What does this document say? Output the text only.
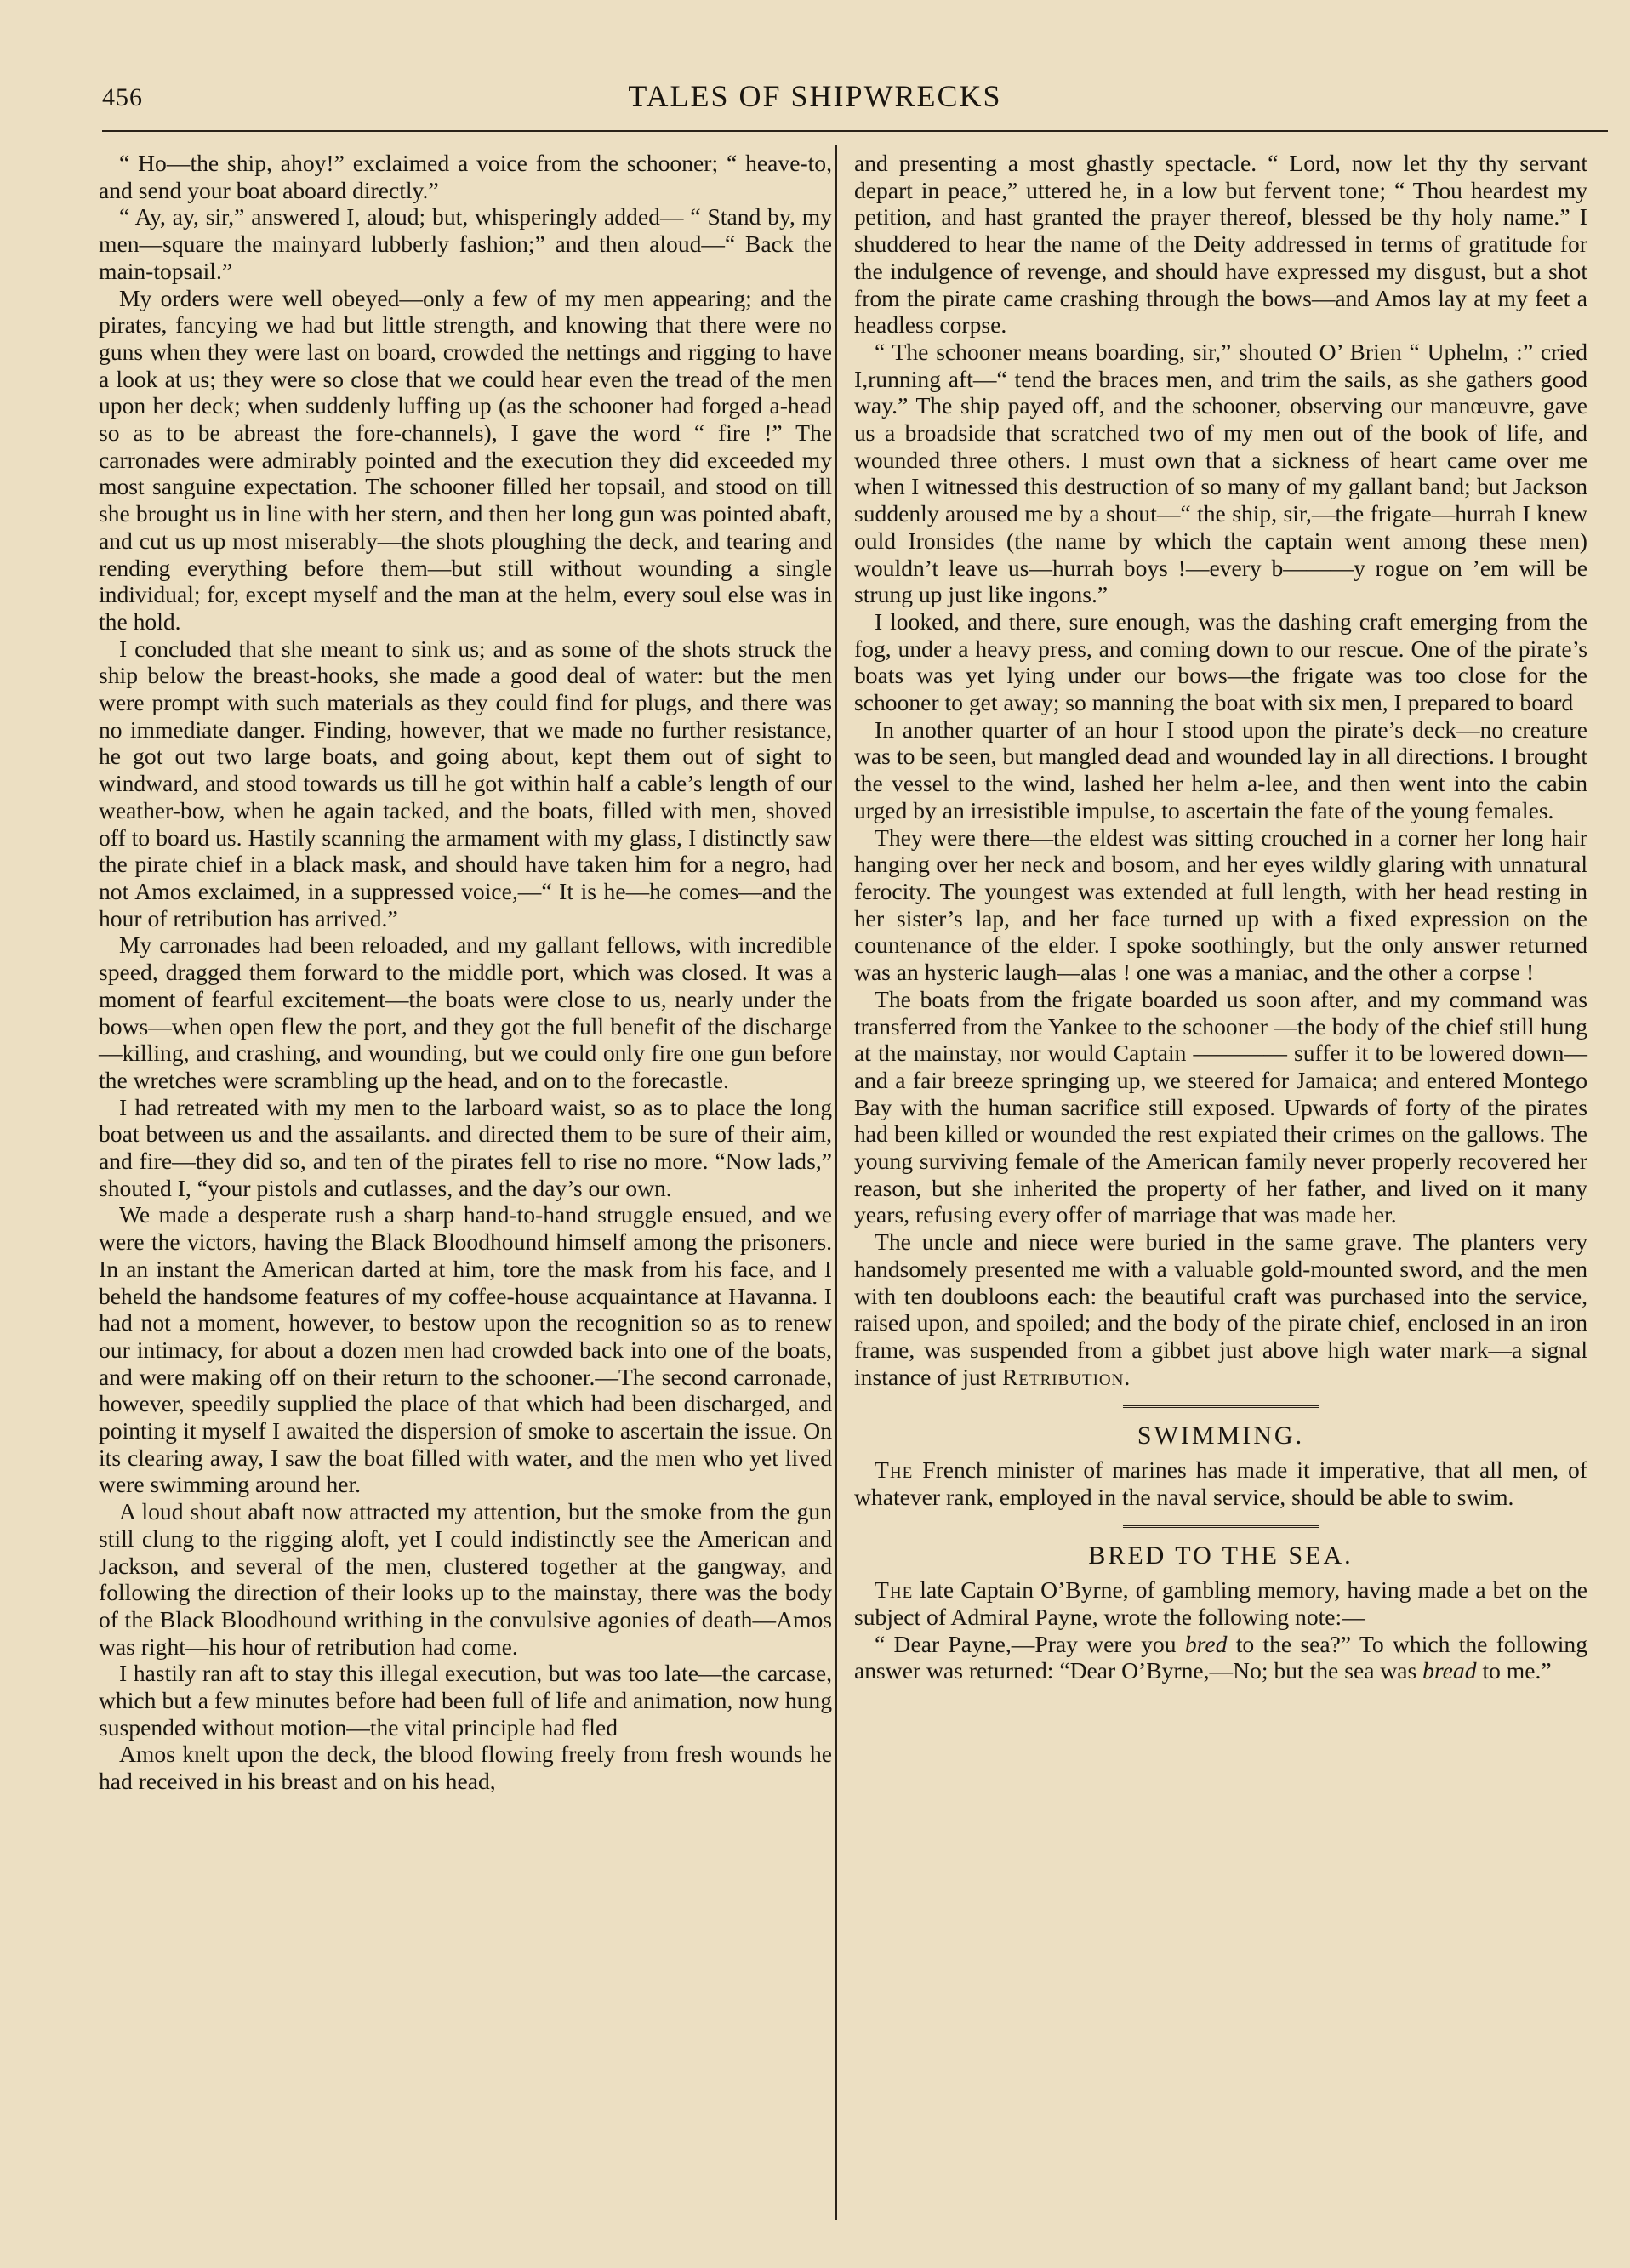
456	TALES OF SHIPWRECKS

“ Ho—the ship, ahoy!” exclaimed a voice from the schooner; “ heave-to, and send your boat aboard directly.”

“ Ay, ay, sir,” answered I, aloud; but, whisperingly added— “ Stand by, my men—square the mainyard lubberly fashion;” and then aloud—“ Back the main-topsail.”

My orders were well obeyed—only a few of my men appearing; and the pirates, fancying we had but little strength, and knowing that there were no guns when they were last on board, crowded the nettings and rigging to have a look at us; they were so close that we could hear even the tread of the men upon her deck; when suddenly luffing up (as the schooner had forged a-head so as to be abreast the fore-channels), I gave the word “ fire !” The carronades were admirably pointed and the execution they did exceeded my most sanguine expectation. The schooner filled her topsail, and stood on till she brought us in line with her stern, and then her long gun was pointed abaft, and cut us up most miserably—the shots ploughing the deck, and tearing and rending everything before them—but still without wounding a single individual; for, except myself and the man at the helm, every soul else was in the hold.

I concluded that she meant to sink us; and as some of the shots struck the ship below the breast-hooks, she made a good deal of water: but the men were prompt with such materials as they could find for plugs, and there was no immediate danger. Finding, however, that we made no further resistance, he got out two large boats, and going about, kept them out of sight to windward, and stood towards us till he got within half a cable’s length of our weather-bow, when he again tacked, and the boats, filled with men, shoved off to board us. Hastily scanning the armament with my glass, I distinctly saw the pirate chief in a black mask, and should have taken him for a negro, had not Amos exclaimed, in a suppressed voice,—“ It is he—he comes—and the hour of retribution has arrived.”

My carronades had been reloaded, and my gallant fellows, with incredible speed, dragged them forward to the middle port, which was closed. It was a moment of fearful excitement—the boats were close to us, nearly under the bows—when open flew the port, and they got the full benefit of the discharge—killing, and crashing, and wounding, but we could only fire one gun before the wretches were scrambling up the head, and on to the forecastle.

I had retreated with my men to the larboard waist, so as to place the long boat between us and the assailants. and directed them to be sure of their aim, and fire—they did so, and ten of the pirates fell to rise no more. “Now lads,” shouted I, “your pistols and cutlasses, and the day’s our own.

We made a desperate rush a sharp hand-to-hand struggle ensued, and we were the victors, having the Black Bloodhound himself among the prisoners. In an instant the American darted at him, tore the mask from his face, and I beheld the handsome features of my coffee-house acquaintance at Havanna. I had not a moment, however, to bestow upon the recognition so as to renew our intimacy, for about a dozen men had crowded back into one of the boats, and were making off on their return to the schooner.—The second carronade, however, speedily supplied the place of that which had been discharged, and pointing it myself I awaited the dispersion of smoke to ascertain the issue. On its clearing away, I saw the boat filled with water, and the men who yet lived were swimming around her.

A loud shout abaft now attracted my attention, but the smoke from the gun still clung to the rigging aloft, yet I could indistinctly see the American and Jackson, and several of the men, clustered together at the gangway, and following the direction of their looks up to the mainstay, there was the body of the Black Bloodhound writhing in the convulsive agonies of death—Amos was right—his hour of retribution had come.

I hastily ran aft to stay this illegal execution, but was too late—the carcase, which but a few minutes before had been full of life and animation, now hung suspended without motion—the vital principle had fled

Amos knelt upon the deck, the blood flowing freely from fresh wounds he had received in his breast and on his head,

and presenting a most ghastly spectacle. “ Lord, now let thy thy servant depart in peace,” uttered he, in a low but fervent tone; “ Thou heardest my petition, and hast granted the prayer thereof, blessed be thy holy name.” I shuddered to hear the name of the Deity addressed in terms of gratitude for the indulgence of revenge, and should have expressed my disgust, but a shot from the pirate came crashing through the bows—and Amos lay at my feet a headless corpse.

“ The schooner means boarding, sir,” shouted O’ Brien “ Uphelm, :” cried I,running aft—“ tend the braces men, and trim the sails, as she gathers good way.” The ship payed off, and the schooner, observing our manœuvre, gave us a broadside that scratched two of my men out of the book of life, and wounded three others. I must own that a sickness of heart came over me when I witnessed this destruction of so many of my gallant band; but Jackson suddenly aroused me by a shout—“ the ship, sir,—the frigate—hurrah I knew ould Ironsides (the name by which the captain went among these men) wouldn’t leave us—hurrah boys !—every b———y rogue on ’em will be strung up just like ingons.”

I looked, and there, sure enough, was the dashing craft emerging from the fog, under a heavy press, and coming down to our rescue. One of the pirate’s boats was yet lying under our bows—the frigate was too close for the schooner to get away; so manning the boat with six men, I prepared to board

In another quarter of an hour I stood upon the pirate’s deck—no creature was to be seen, but mangled dead and wounded lay in all directions. I brought the vessel to the wind, lashed her helm a-lee, and then went into the cabin urged by an irresistible impulse, to ascertain the fate of the young females.

They were there—the eldest was sitting crouched in a corner her long hair hanging over her neck and bosom, and her eyes wildly glaring with unnatural ferocity. The youngest was extended at full length, with her head resting in her sister’s lap, and her face turned up with a fixed expression on the countenance of the elder. I spoke soothingly, but the only answer returned was an hysteric laugh—alas ! one was a maniac, and the other a corpse !

The boats from the frigate boarded us soon after, and my command was transferred from the Yankee to the schooner —the body of the chief still hung at the mainstay, nor would Captain ———— suffer it to be lowered down—and a fair breeze springing up, we steered for Jamaica; and entered Montego Bay with the human sacrifice still exposed. Upwards of forty of the pirates had been killed or wounded the rest expiated their crimes on the gallows. The young surviving female of the American family never properly recovered her reason, but she inherited the property of her father, and lived on it many years, refusing every offer of marriage that was made her.

The uncle and niece were buried in the same grave. The planters very handsomely presented me with a valuable gold-mounted sword, and the men with ten doubloons each: the beautiful craft was purchased into the service, raised upon, and spoiled; and the body of the pirate chief, enclosed in an iron frame, was suspended from a gibbet just above high water mark—a signal instance of just Retribution.

SWIMMING.

The French minister of marines has made it imperative, that all men, of whatever rank, employed in the naval service, should be able to swim.

BRED TO THE SEA.

The late Captain O’Byrne, of gambling memory, having made a bet on the subject of Admiral Payne, wrote the following note:—

“ Dear Payne,—Pray were you bred to the sea?” To which the following answer was returned: “Dear O’Byrne,—No; but the sea was bread to me.”
